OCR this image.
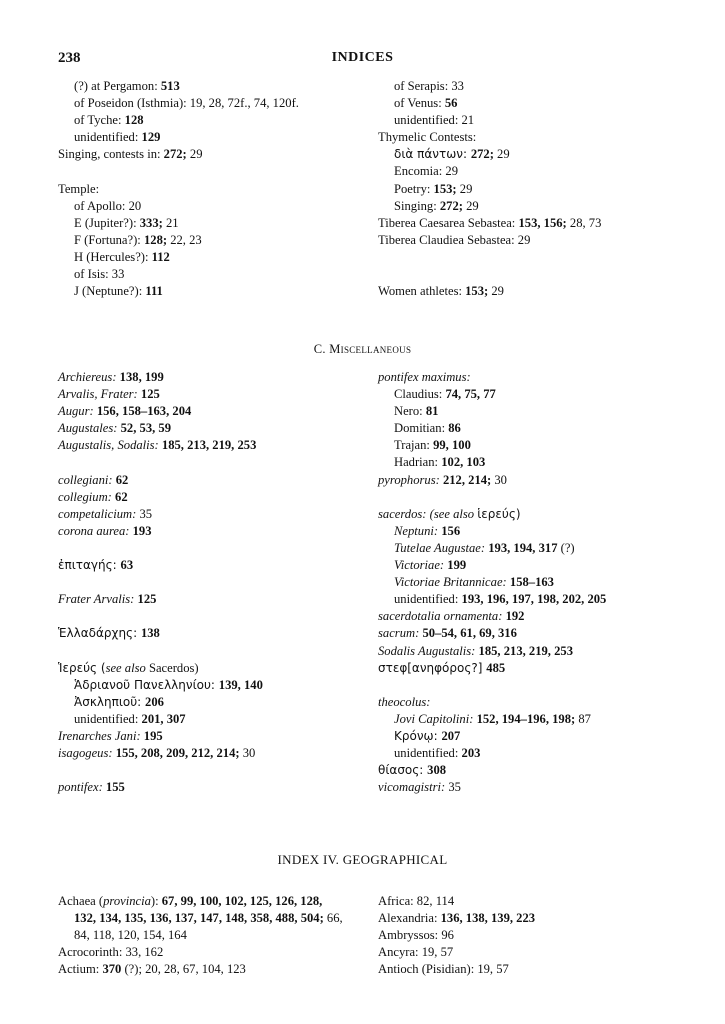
238	INDICES
(?) at Pergamon: 513
of Poseidon (Isthmia): 19, 28, 72f., 74, 120f.
of Tyche: 128
unidentified: 129
Singing, contests in: 272; 29
Temple:
of Apollo: 20
E (Jupiter?): 333; 21
F (Fortuna?): 128; 22, 23
H (Hercules?): 112
of Isis: 33
J (Neptune?): 111
of Serapis: 33
of Venus: 56
unidentified: 21
Thymelic Contests:
διὰ πάντων: 272; 29
Encomia: 29
Poetry: 153; 29
Singing: 272; 29
Tiberea Caesarea Sebastea: 153, 156; 28, 73
Tiberea Claudiea Sebastea: 29
Women athletes: 153; 29
C. Miscellaneous
Archiereus: 138, 199
Arvalis, Frater: 125
Augur: 156, 158–163, 204
Augustales: 52, 53, 59
Augustalis, Sodalis: 185, 213, 219, 253
collegiani: 62
collegium: 62
competalicium: 35
corona aurea: 193
ἐπιταγής: 63
Frater Arvalis: 125
Ἑλλαδάρχης: 138
Ἱερεύς (see also Sacerdos)
Ἁδριανοῦ Πανελληνίου: 139, 140
Ἀσκληπιοῦ: 206
unidentified: 201, 307
Irenarches Jani: 195
isagogeus: 155, 208, 209, 212, 214; 30
pontifex: 155
pontifex maximus:
Claudius: 74, 75, 77
Nero: 81
Domitian: 86
Trajan: 99, 100
Hadrian: 102, 103
pyrophorus: 212, 214; 30
sacerdos: (see also ἱερεύς)
Neptuni: 156
Tutelae Augustae: 193, 194, 317 (?)
Victoriae: 199
Victoriae Britannicae: 158–163
unidentified: 193, 196, 197, 198, 202, 205
sacerdotalia ornamenta: 192
sacrum: 50–54, 61, 69, 316
Sodalis Augustalis: 185, 213, 219, 253
στεφ[ανηφόρος?] 485
theocolus:
Jovi Capitolini: 152, 194–196, 198; 87
Κρόνῳ: 207
unidentified: 203
θίασος: 308
vicomagistri: 35
INDEX IV. GEOGRAPHICAL
Achaea (provincia): 67, 99, 100, 102, 125, 126, 128,
132, 134, 135, 136, 137, 147, 148, 358, 488, 504; 66,
84, 118, 120, 154, 164
Acrocorinth: 33, 162
Actium: 370 (?); 20, 28, 67, 104, 123
Africa: 82, 114
Alexandria: 136, 138, 139, 223
Ambryssos: 96
Ancyra: 19, 57
Antioch (Pisidian): 19, 57
